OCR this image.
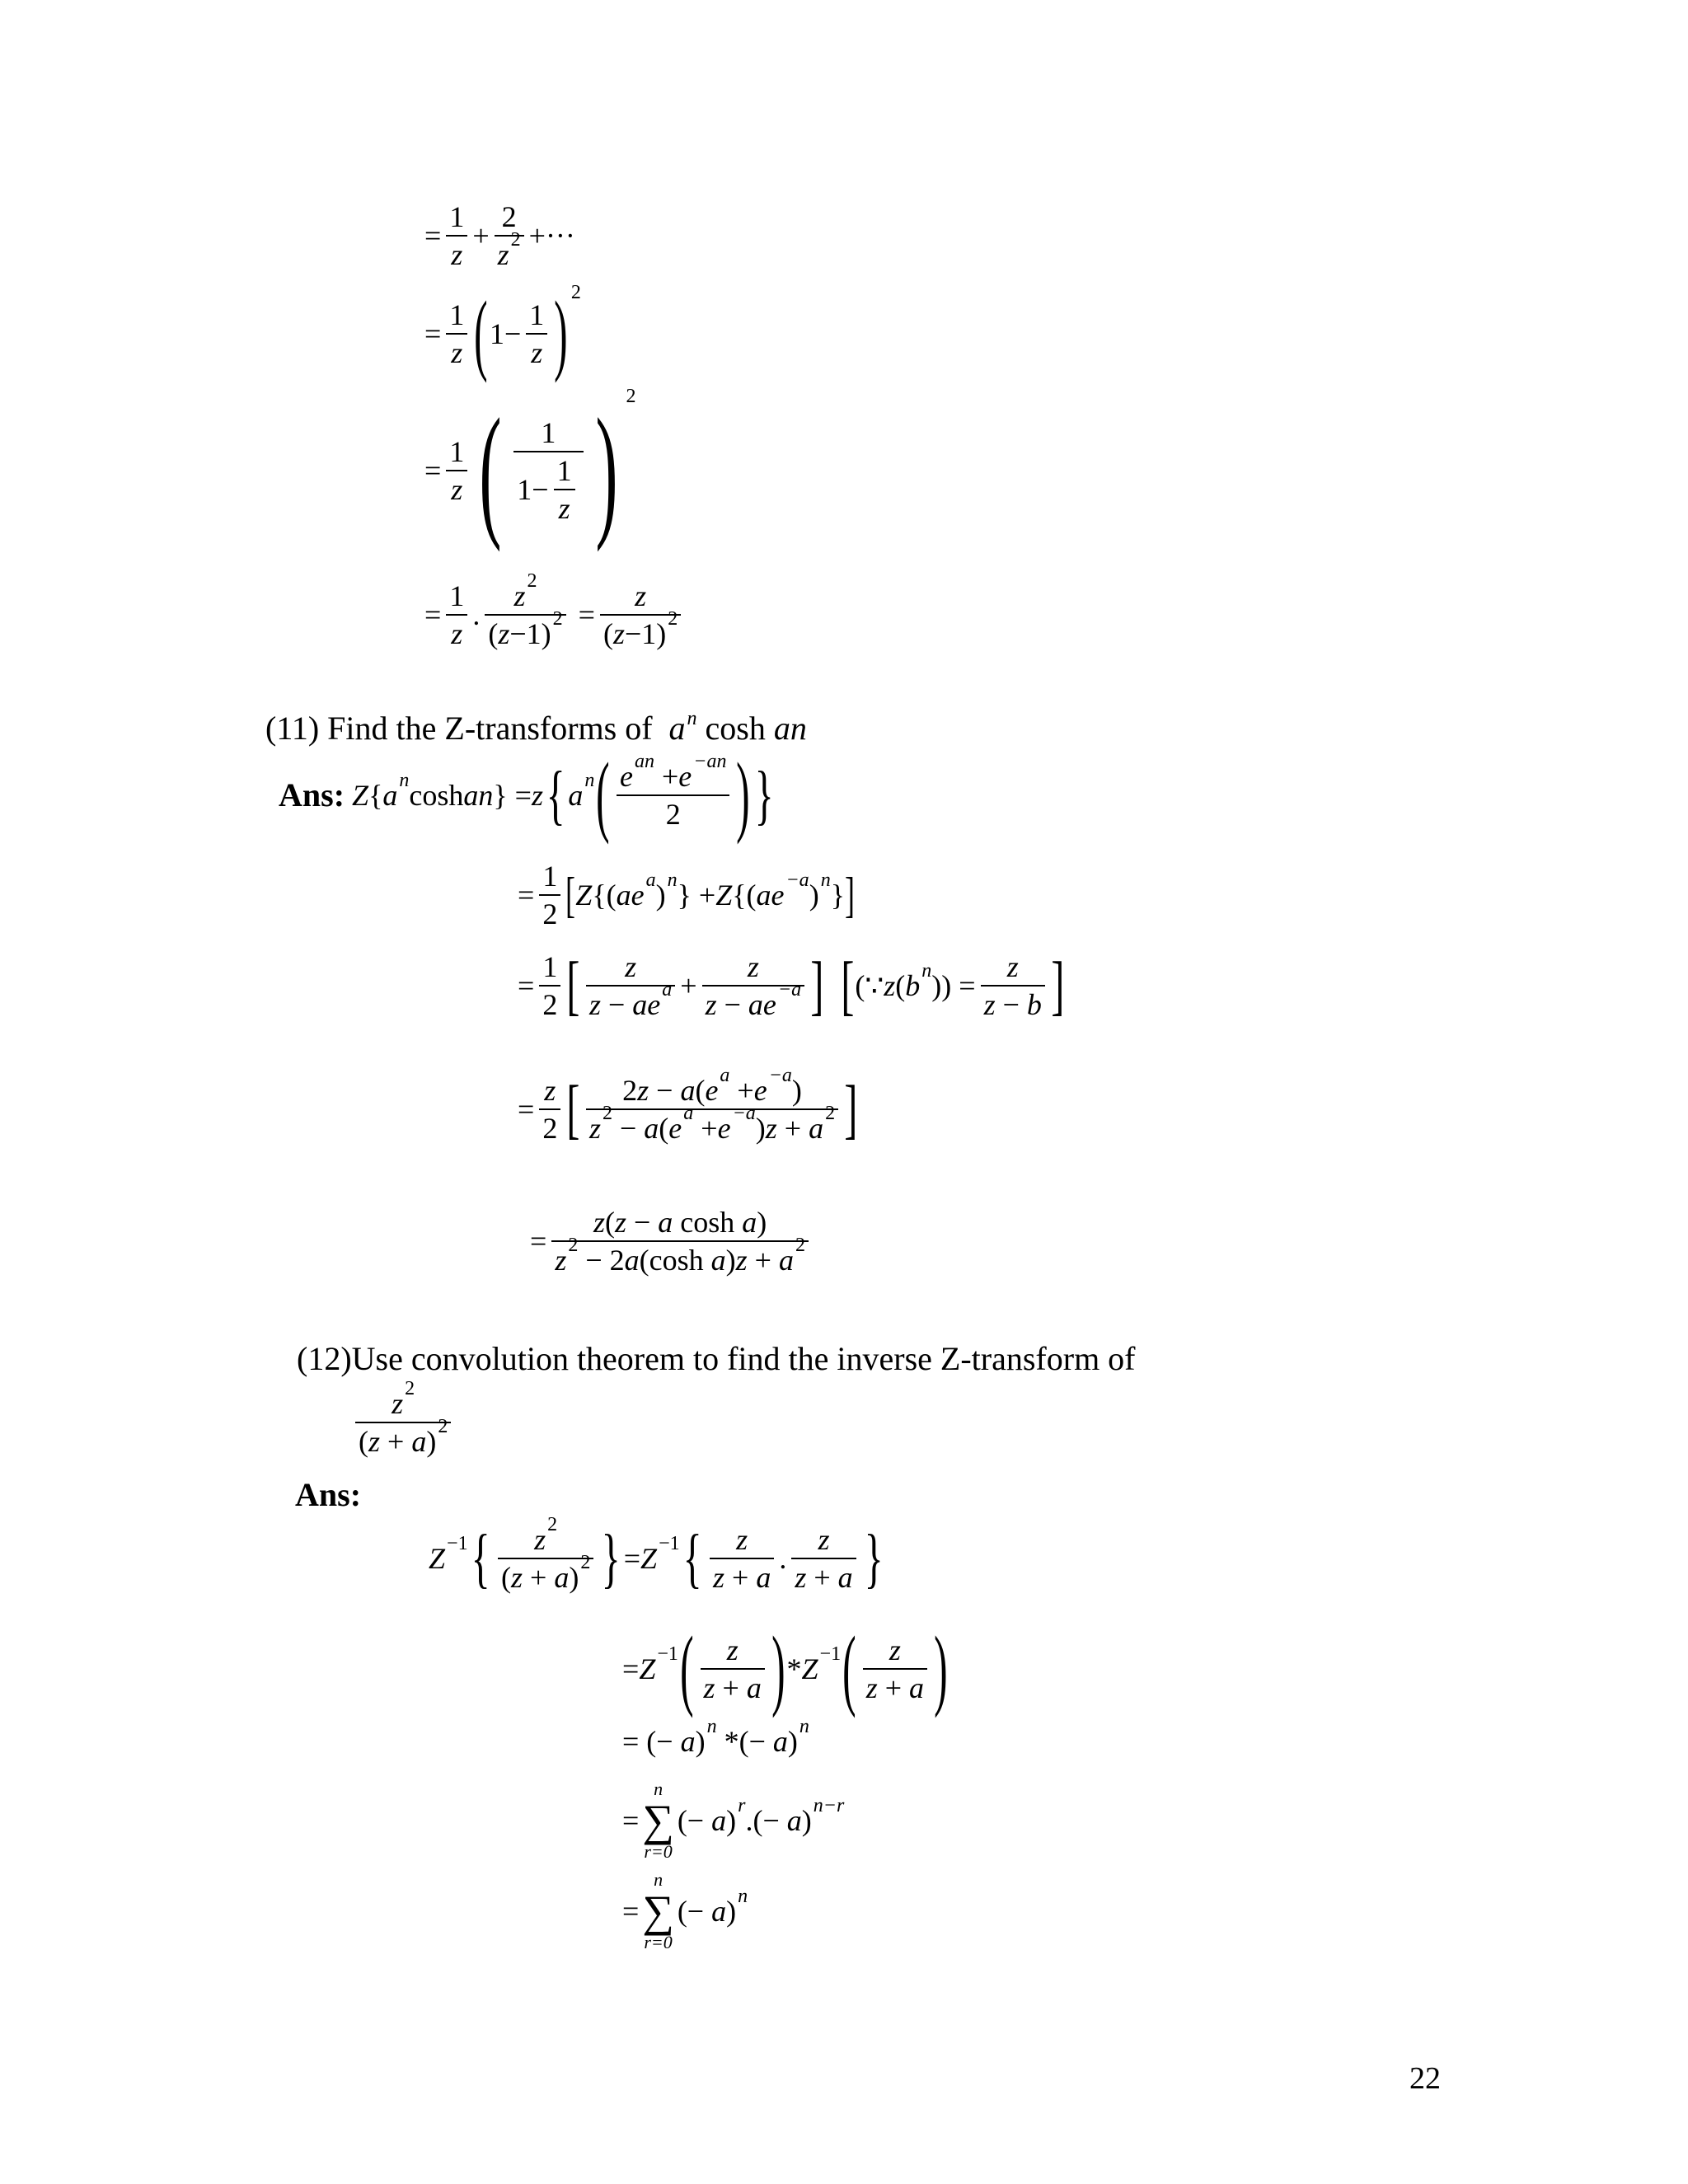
= $\frac{1}{z} + \frac{2}{z 2}$ +···
= $\frac{1}{z}$ ( $1- \frac{1}{z}$ ) 2
= $\frac{1}{z}$ ( $\frac{1}{1- \frac{1}{z}}$ ) 2
= $\frac{1}{z}$ . $\frac{z 2}{( z -1) 2} = \frac{z}{( z -1) 2}$
(11) Find the Z-transforms of $a^n$ cosh an
Ans:
Z { a n cosh an } = z { a n ( $\frac{\text{e an + e −an}}{2}$ ) }
= $\frac{1}{2}$ [ Z {( ae a ) n } + Z {( ae −a ) n } ]
= $\frac{1}{2}$ [ $\frac{z}{\text{z − ae a}} + \frac{z}{z - ae -a}$ ]
[ (∵ z ( b n )) = $\frac{z}{z - b}$ ]
= $\frac{z}{2}$ [ $\frac{\text{2 z − a ( e a + e −a )}}{\text{z 2 − a ( e a + e −a ) z + a 2}}$ ]
= $\frac{\text{z ( z − a cosh a )}}{\text{z 2 − 2 a (cosh a ) z + a 2}}$
(12)Use convolution theorem to find the inverse Z-transform of
$\frac{z 2}{( z + a ) 2}$
Ans:
Z −1 { $\frac{z 2}{( z + a ) 2}$ } = Z −1 { $\frac{z}{z + a}$ . $\frac{z}{z + a}$ }
= Z −1 ( $\frac{z}{z + a}$ ) * Z −1 ( $\frac{z}{z + a}$ )
= (− a ) n *(− a ) n
=
n
∑
r=0
(− a ) r .(− a ) n−r
=
n
∑
r=0
(− a ) n
22
